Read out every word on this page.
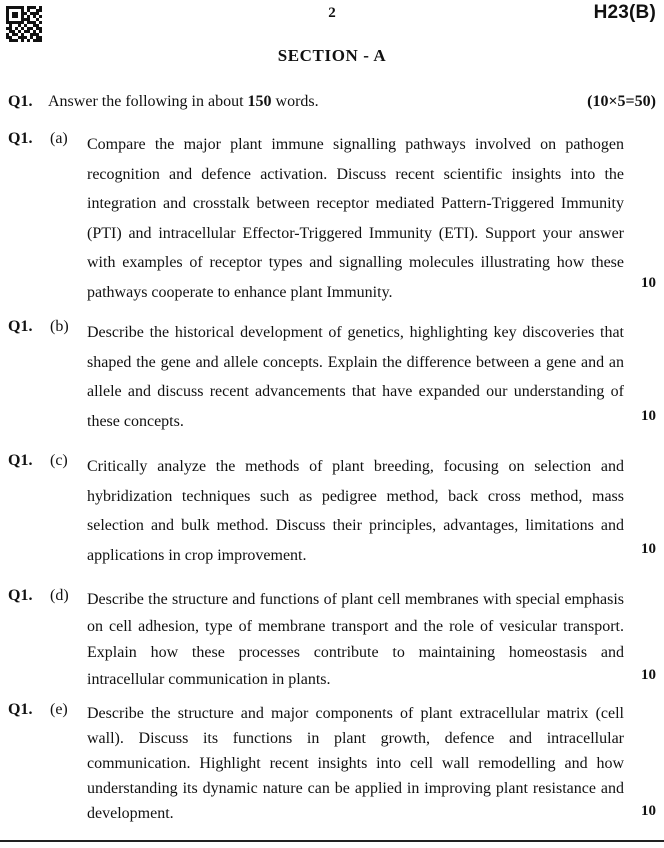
2	H23(B)
SECTION - A
Q1. Answer the following in about 150 words.	(10×5=50)
Q1. (a) Compare the major plant immune signalling pathways involved on pathogen recognition and defence activation. Discuss recent scientific insights into the integration and crosstalk between receptor mediated Pattern-Triggered Immunity (PTI) and intracellular Effector-Triggered Immunity (ETI). Support your answer with examples of receptor types and signalling molecules illustrating how these pathways cooperate to enhance plant Immunity.

10
Q1. (b) Describe the historical development of genetics, highlighting key discoveries that shaped the gene and allele concepts. Explain the difference between a gene and an allele and discuss recent advancements that have expanded our understanding of these concepts.	10
Q1. (c) Critically analyze the methods of plant breeding, focusing on selection and hybridization techniques such as pedigree method, back cross method, mass selection and bulk method. Discuss their principles, advantages, limitations and applications in crop improvement.	10
Q1. (d) Describe the structure and functions of plant cell membranes with special emphasis on cell adhesion, type of membrane transport and the role of vesicular transport. Explain how these processes contribute to maintaining homeostasis and intracellular communication in plants.	10
Q1. (e) Describe the structure and major components of plant extracellular matrix (cell wall). Discuss its functions in plant growth, defence and intracellular communication. Highlight recent insights into cell wall remodelling and how understanding its dynamic nature can be applied in improving plant resistance and development.	10
